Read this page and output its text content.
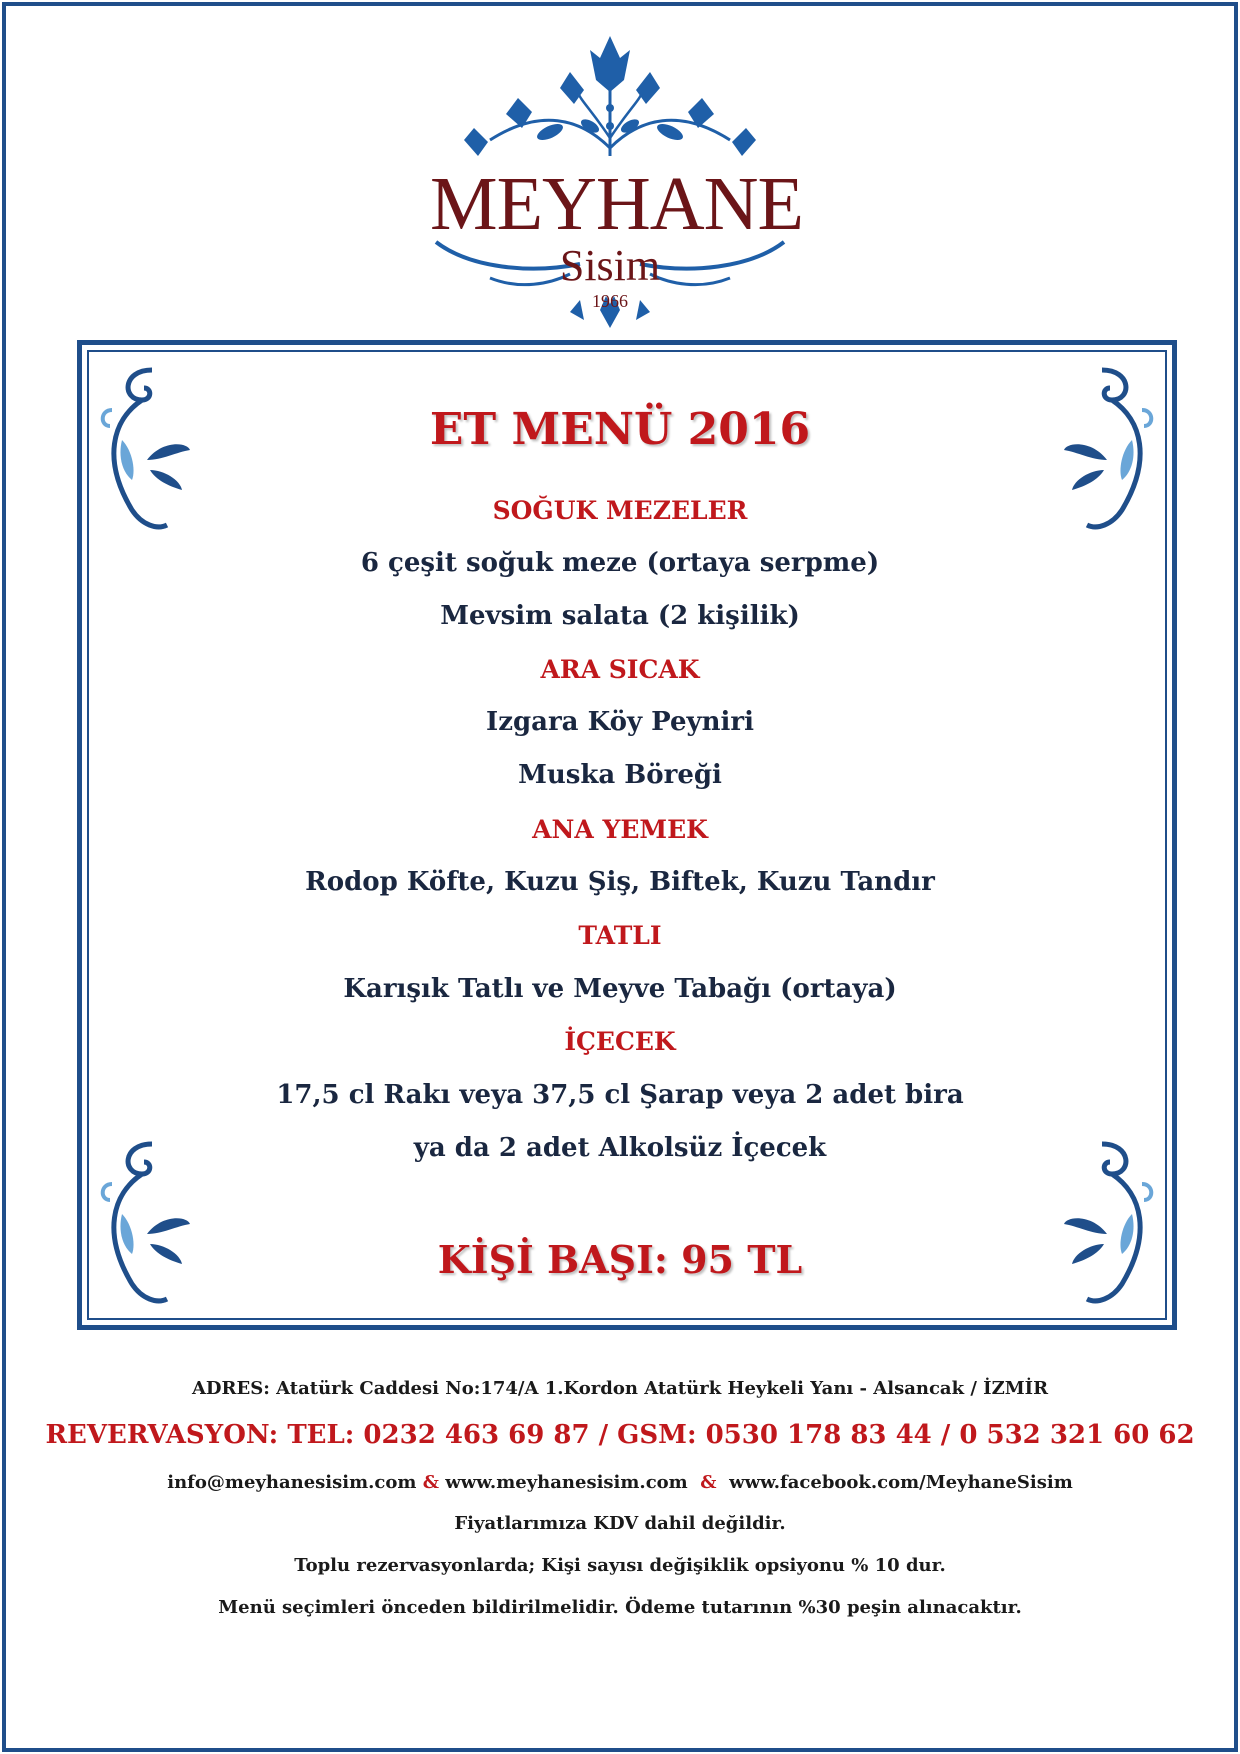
MEYHANE
Sisim
1966
ET MENÜ 2016
SOĞUK MEZELER
6 çeşit soğuk meze (ortaya serpme)
Mevsim salata (2 kişilik)
ARA SICAK
Izgara Köy Peyniri
Muska Böreği
ANA YEMEK
Rodop Köfte, Kuzu Şiş, Biftek, Kuzu Tandır
TATLI
Karışık Tatlı ve Meyve Tabağı (ortaya)
İÇECEK
17,5 cl Rakı veya 37,5 cl Şarap veya 2 adet bira
ya da 2 adet Alkolsüz İçecek
KİŞİ BAŞI: 95 TL
ADRES: Atatürk Caddesi No:174/A 1.Kordon Atatürk Heykeli Yanı - Alsancak / İZMİR
REVERVASYON: TEL: 0232 463 69 87 / GSM: 0530 178 83 44 / 0 532 321 60 62
info@meyhanesisim.com & www.meyhanesisim.com & www.facebook.com/MeyhaneSisim
Fiyatlarımıza KDV dahil değildir.
Toplu rezervasyonlarda; Kişi sayısı değişiklik opsiyonu % 10 dur.
Menü seçimleri önceden bildirilmelidir. Ödeme tutarının %30 peşin alınacaktır.
